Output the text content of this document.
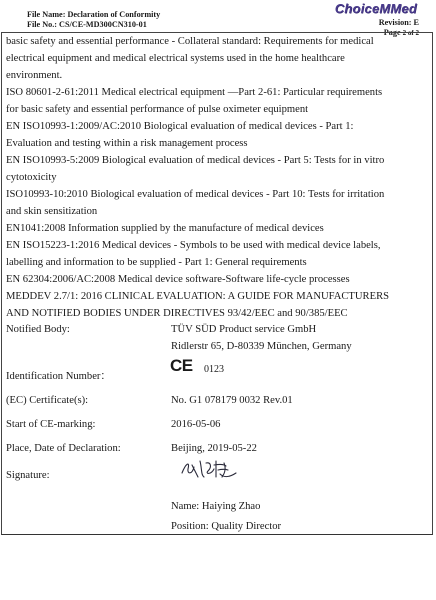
File Name: Declaration of Conformity
File No.: CS/CE-MD300CN310-01
ChoiceMMed
Revision: E
Page 2 of 2
basic safety and essential performance - Collateral standard: Requirements for medical
electrical equipment and medical electrical systems used in the home healthcare
environment.
ISO 80601-2-61:2011 Medical electrical equipment —Part 2-61: Particular requirements
for basic safety and essential performance of pulse oximeter equipment
EN ISO10993-1:2009/AC:2010 Biological evaluation of medical devices - Part 1:
Evaluation and testing within a risk management process
EN ISO10993-5:2009 Biological evaluation of medical devices - Part 5: Tests for in vitro
cytotoxicity
ISO10993-10:2010 Biological evaluation of medical devices - Part 10: Tests for irritation
and skin sensitization
EN1041:2008 Information supplied by the manufacture of medical devices
EN ISO15223-1:2016 Medical devices - Symbols to be used with medical device labels,
labelling and information to be supplied - Part 1: General requirements
EN 62304:2006/AC:2008 Medical device software-Software life-cycle processes
MEDDEV 2.7/1: 2016 CLINICAL EVALUATION: A GUIDE FOR MANUFACTURERS
AND NOTIFIED BODIES UNDER DIRECTIVES 93/42/EEC and 90/385/EEC
Notified Body:	TÜV SÜD Product service GmbH
Ridlerstr 65, D-80339 München, Germany
Identification Number：
CE 0123
(EC) Certificate(s):	No. G1 078179 0032 Rev.01
Start of CE-marking:	2016-05-06
Place, Date of Declaration:	Beijing, 2019-05-22
Signature:
Name: Haiying Zhao
Position: Quality Director
